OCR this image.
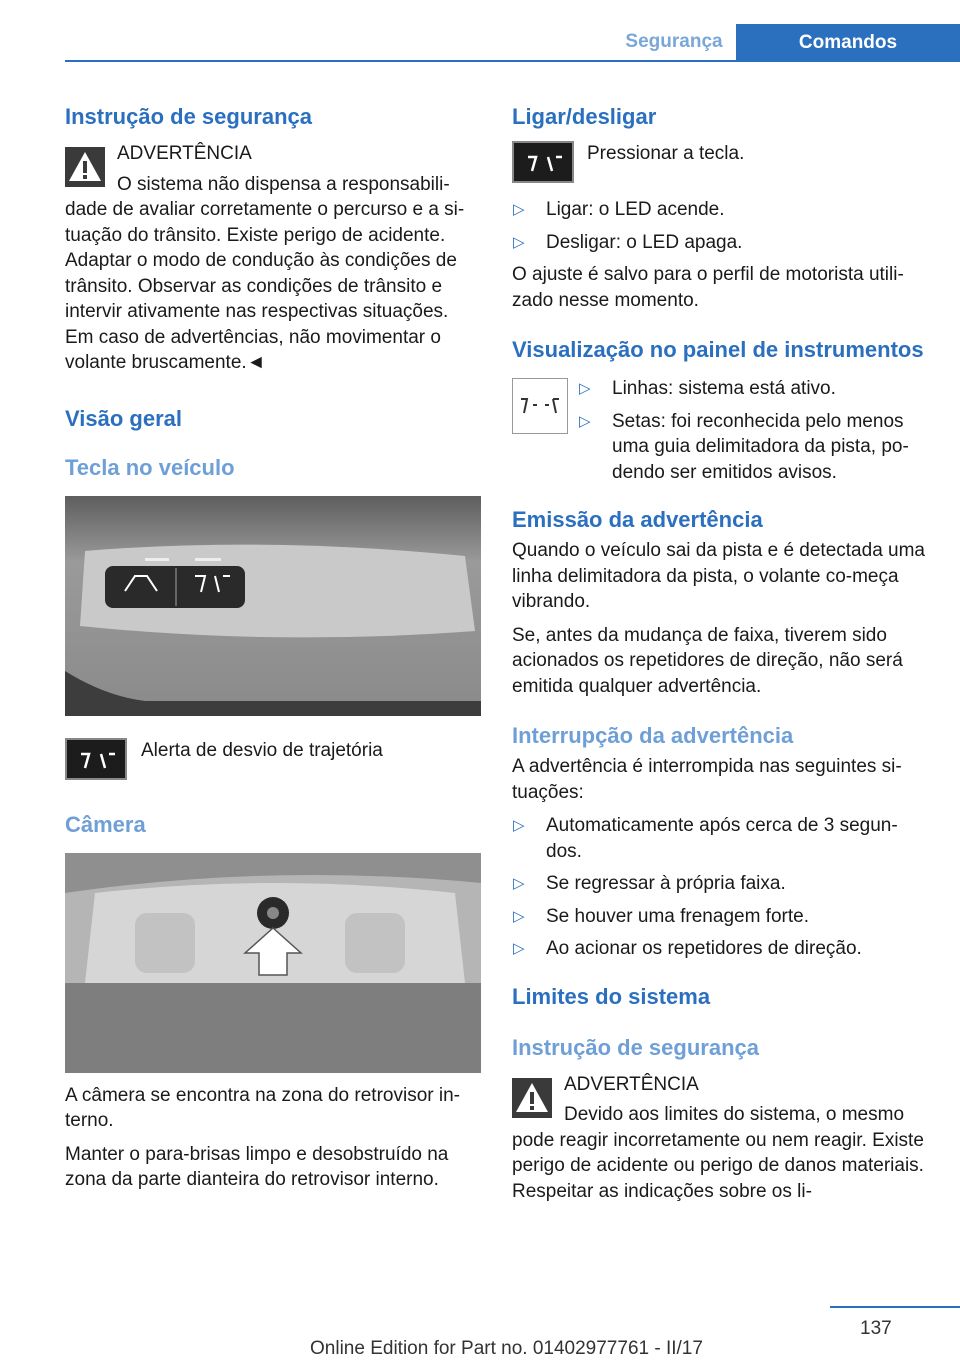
Segurança	Comandos
Instrução de segurança

ADVERTÊNCIA

O sistema não dispensa a responsabili-

dade de avaliar corretamente o percurso e a si-tuação do trânsito. Existe perigo de acidente. Adaptar o modo de condução às condições de trânsito. Observar as condições de trânsito e intervir ativamente nas respectivas situações. Em caso de advertências, não movimentar o volante bruscamente.◄

Visão geral
Tecla no veículo

Alerta de desvio de trajetória

Câmera

A câmera se encontra na zona do retrovisor in-terno.

Manter o para-brisas limpo e desobstruído na zona da parte dianteira do retrovisor interno.

Ligar/desligar

Pressionar a tecla.

▷ Ligar: o LED acende.
▷ Desligar: o LED apaga.

O ajuste é salvo para o perfil de motorista utili-zado nesse momento.

Visualização no painel de instrumentos
▷ Linhas: sistema está ativo.
▷ Setas: foi reconhecida pelo menos uma guia delimitadora da pista, po-dendo ser emitidos avisos.
Emissão da advertência

Quando o veículo sai da pista e é detectada uma linha delimitadora da pista, o volante co-meça vibrando.

Se, antes da mudança de faixa, tiverem sido acionados os repetidores de direção, não será emitida qualquer advertência.

Interrupção da advertência

A advertência é interrompida nas seguintes si-tuações:

▷ Automaticamente após cerca de 3 segun-dos.
▷ Se regressar à própria faixa.
▷ Se houver uma frenagem forte.
▷ Ao acionar os repetidores de direção.
Limites do sistema
Instrução de segurança

ADVERTÊNCIA

Devido aos limites do sistema, o mesmo

pode reagir incorretamente ou nem reagir. Existe perigo de acidente ou perigo de danos materiais. Respeitar as indicações sobre os li-

137
Online Edition for Part no. 01402977761 - II/17
